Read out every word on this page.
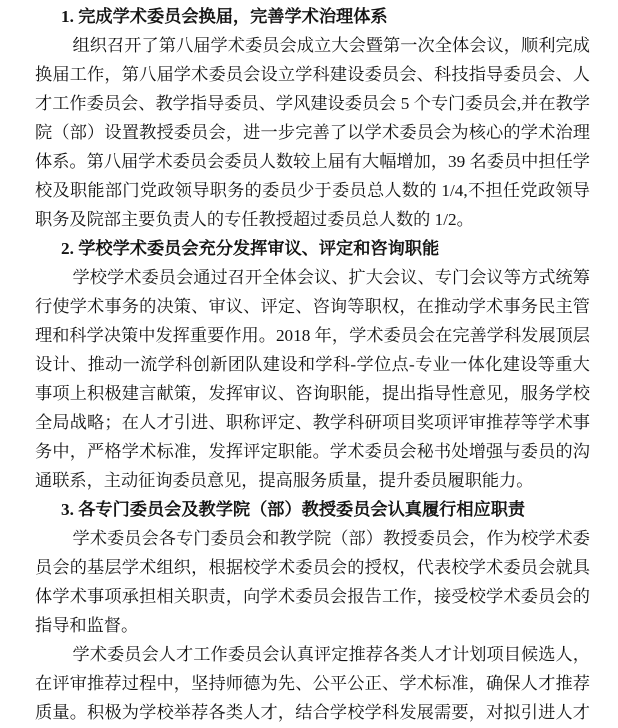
1. 完成学术委员会换届，完善学术治理体系
组织召开了第八届学术委员会成立大会暨第一次全体会议，顺利完成换届工作，第八届学术委员会设立学科建设委员会、科技指导委员会、人才工作委员会、教学指导委员、学风建设委员会 5 个专门委员会,并在教学院（部）设置教授委员会，进一步完善了以学术委员会为核心的学术治理体系。第八届学术委员会委员人数较上届有大幅增加，39 名委员中担任学校及职能部门党政领导职务的委员少于委员总人数的 1/4,不担任党政领导职务及院部主要负责人的专任教授超过委员总人数的 1/2。
2. 学校学术委员会充分发挥审议、评定和咨询职能
学校学术委员会通过召开全体会议、扩大会议、专门会议等方式统筹行使学术事务的决策、审议、评定、咨询等职权，在推动学术事务民主管理和科学决策中发挥重要作用。2018 年，学术委员会在完善学科发展顶层设计、推动一流学科创新团队建设和学科-学位点-专业一体化建设等重大事项上积极建言献策，发挥审议、咨询职能，提出指导性意见，服务学校全局战略；在人才引进、职称评定、教学科研项目奖项评审推荐等学术事务中，严格学术标准，发挥评定职能。学术委员会秘书处增强与委员的沟通联系，主动征询委员意见，提高服务质量，提升委员履职能力。
3. 各专门委员会及教学院（部）教授委员会认真履行相应职责
学术委员会各专门委员会和教学院（部）教授委员会，作为校学术委员会的基层学术组织，根据校学术委员会的授权，代表校学术委员会就具体学术事项承担相关职责，向学术委员会报告工作，接受校学术委员会的指导和监督。
学术委员会人才工作委员会认真评定推荐各类人才计划项目候选人，在评审推荐过程中，坚持师德为先、公平公正、学术标准，确保人才推荐质量。积极为学校举荐各类人才，结合学校学科发展需要，对拟引进人才
